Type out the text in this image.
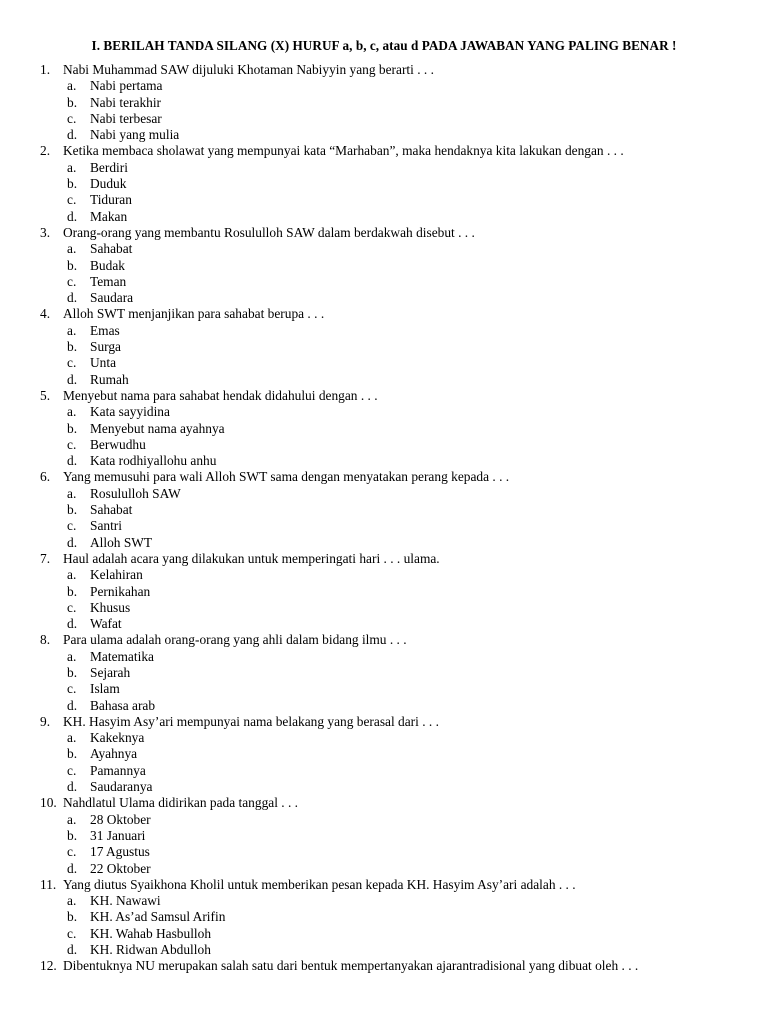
I. BERILAH TANDA SILANG (X) HURUF a, b, c, atau d PADA JAWABAN YANG PALING BENAR !
1. Nabi Muhammad SAW dijuluki Khotaman Nabiyyin yang berarti . . .
a. Nabi pertama
b. Nabi terakhir
c. Nabi terbesar
d. Nabi yang mulia
2. Ketika membaca sholawat yang mempunyai kata “Marhaban”, maka hendaknya kita lakukan dengan . . .
a. Berdiri
b. Duduk
c. Tiduran
d. Makan
3. Orang-orang yang membantu Rosululloh SAW dalam berdakwah disebut . . .
a. Sahabat
b. Budak
c. Teman
d. Saudara
4. Alloh SWT menjanjikan para sahabat berupa . . .
a. Emas
b. Surga
c. Unta
d. Rumah
5. Menyebut nama para sahabat hendak didahului dengan . . .
a. Kata sayyidina
b. Menyebut nama ayahnya
c. Berwudhu
d. Kata rodhiyallohu anhu
6. Yang memusuhi para wali Alloh SWT sama dengan menyatakan perang kepada . . .
a. Rosululloh SAW
b. Sahabat
c. Santri
d. Alloh SWT
7. Haul adalah acara yang dilakukan untuk memperingati hari . . . ulama.
a. Kelahiran
b. Pernikahan
c. Khusus
d. Wafat
8. Para ulama adalah orang-orang yang ahli dalam bidang ilmu . . .
a. Matematika
b. Sejarah
c. Islam
d. Bahasa arab
9. KH. Hasyim Asy’ari mempunyai nama belakang yang berasal dari . . .
a. Kakeknya
b. Ayahnya
c. Pamannya
d. Saudaranya
10. Nahdlatul Ulama didirikan pada tanggal . . .
a. 28 Oktober
b. 31 Januari
c. 17 Agustus
d. 22 Oktober
11. Yang diutus Syaikhona Kholil untuk memberikan pesan kepada KH. Hasyim Asy’ari adalah . . .
a. KH. Nawawi
b. KH. As’ad Samsul Arifin
c. KH. Wahab Hasbulloh
d. KH. Ridwan Abdulloh
12. Dibentuknya NU merupakan salah satu dari bentuk mempertanyakan ajarantradisional yang dibuat oleh . . .
